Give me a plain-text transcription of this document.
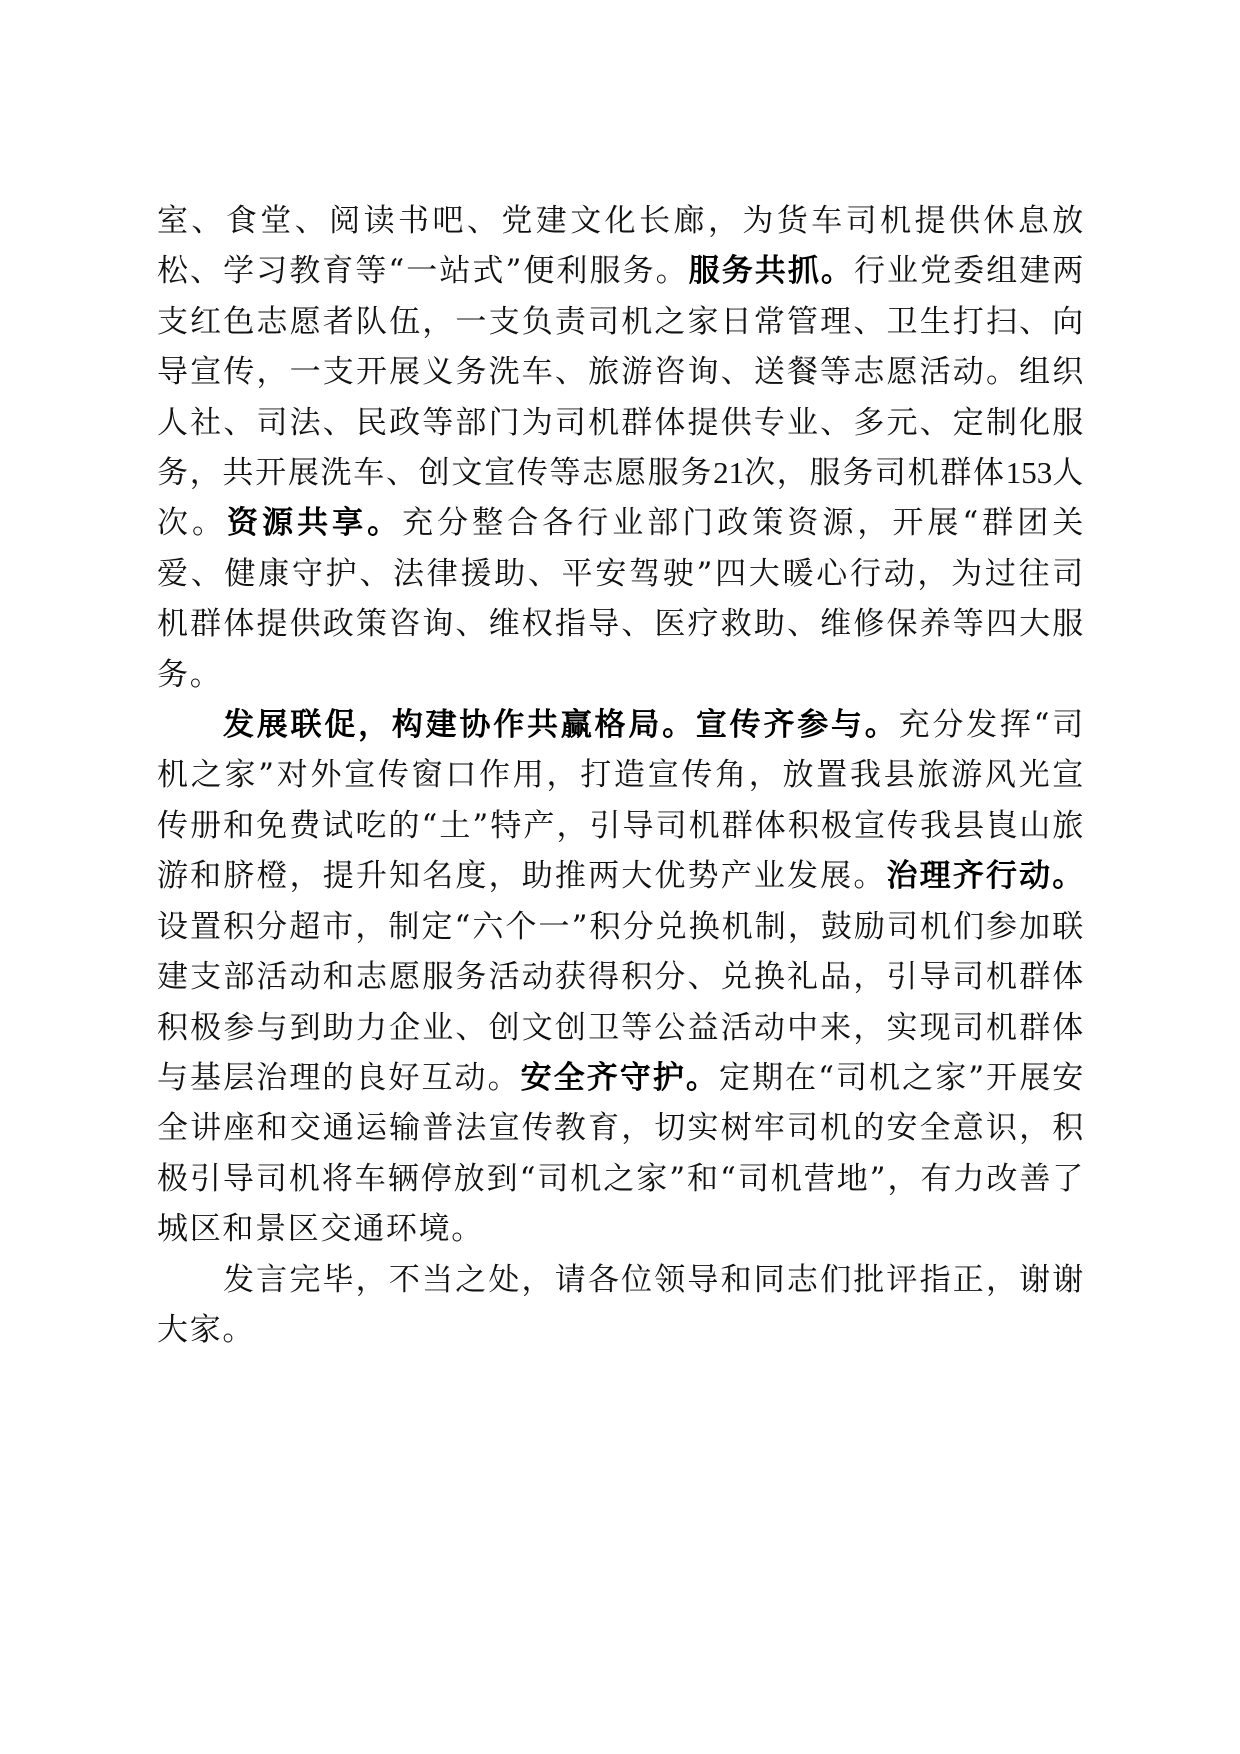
室、食堂、阅读书吧、党建文化长廊，为货车司机提供休息放松、学习教育等“一站式”便利服务。服务共抓。行业党委组建两支红色志愿者队伍，一支负责司机之家日常管理、卫生打扫、向导宣传，一支开展义务洗车、旅游咨询、送餐等志愿活动。组织人社、司法、民政等部门为司机群体提供专业、多元、定制化服务，共开展洗车、创文宣传等志愿服务21次，服务司机群体153人次。资源共享。充分整合各行业部门政策资源，开展“群团关爱、健康守护、法律援助、平安驾驶”四大暖心行动，为过往司机群体提供政策咨询、维权指导、医疗救助、维修保养等四大服务。

发展联促，构建协作共赢格局。宣传齐参与。充分发挥“司机之家”对外宣传窗口作用，打造宣传角，放置我县旅游风光宣传册和免费试吃的“土”特产，引导司机群体积极宣传我县崀山旅游和脐橙，提升知名度，助推两大优势产业发展。治理齐行动。设置积分超市，制定“六个一”积分兑换机制，鼓励司机们参加联建支部活动和志愿服务活动获得积分、兑换礼品，引导司机群体积极参与到助力企业、创文创卫等公益活动中来，实现司机群体与基层治理的良好互动。安全齐守护。定期在“司机之家”开展安全讲座和交通运输普法宣传教育，切实树牢司机的安全意识，积极引导司机将车辆停放到“司机之家”和“司机营地”，有力改善了城区和景区交通环境。

发言完毕，不当之处，请各位领导和同志们批评指正，谢谢大家。
